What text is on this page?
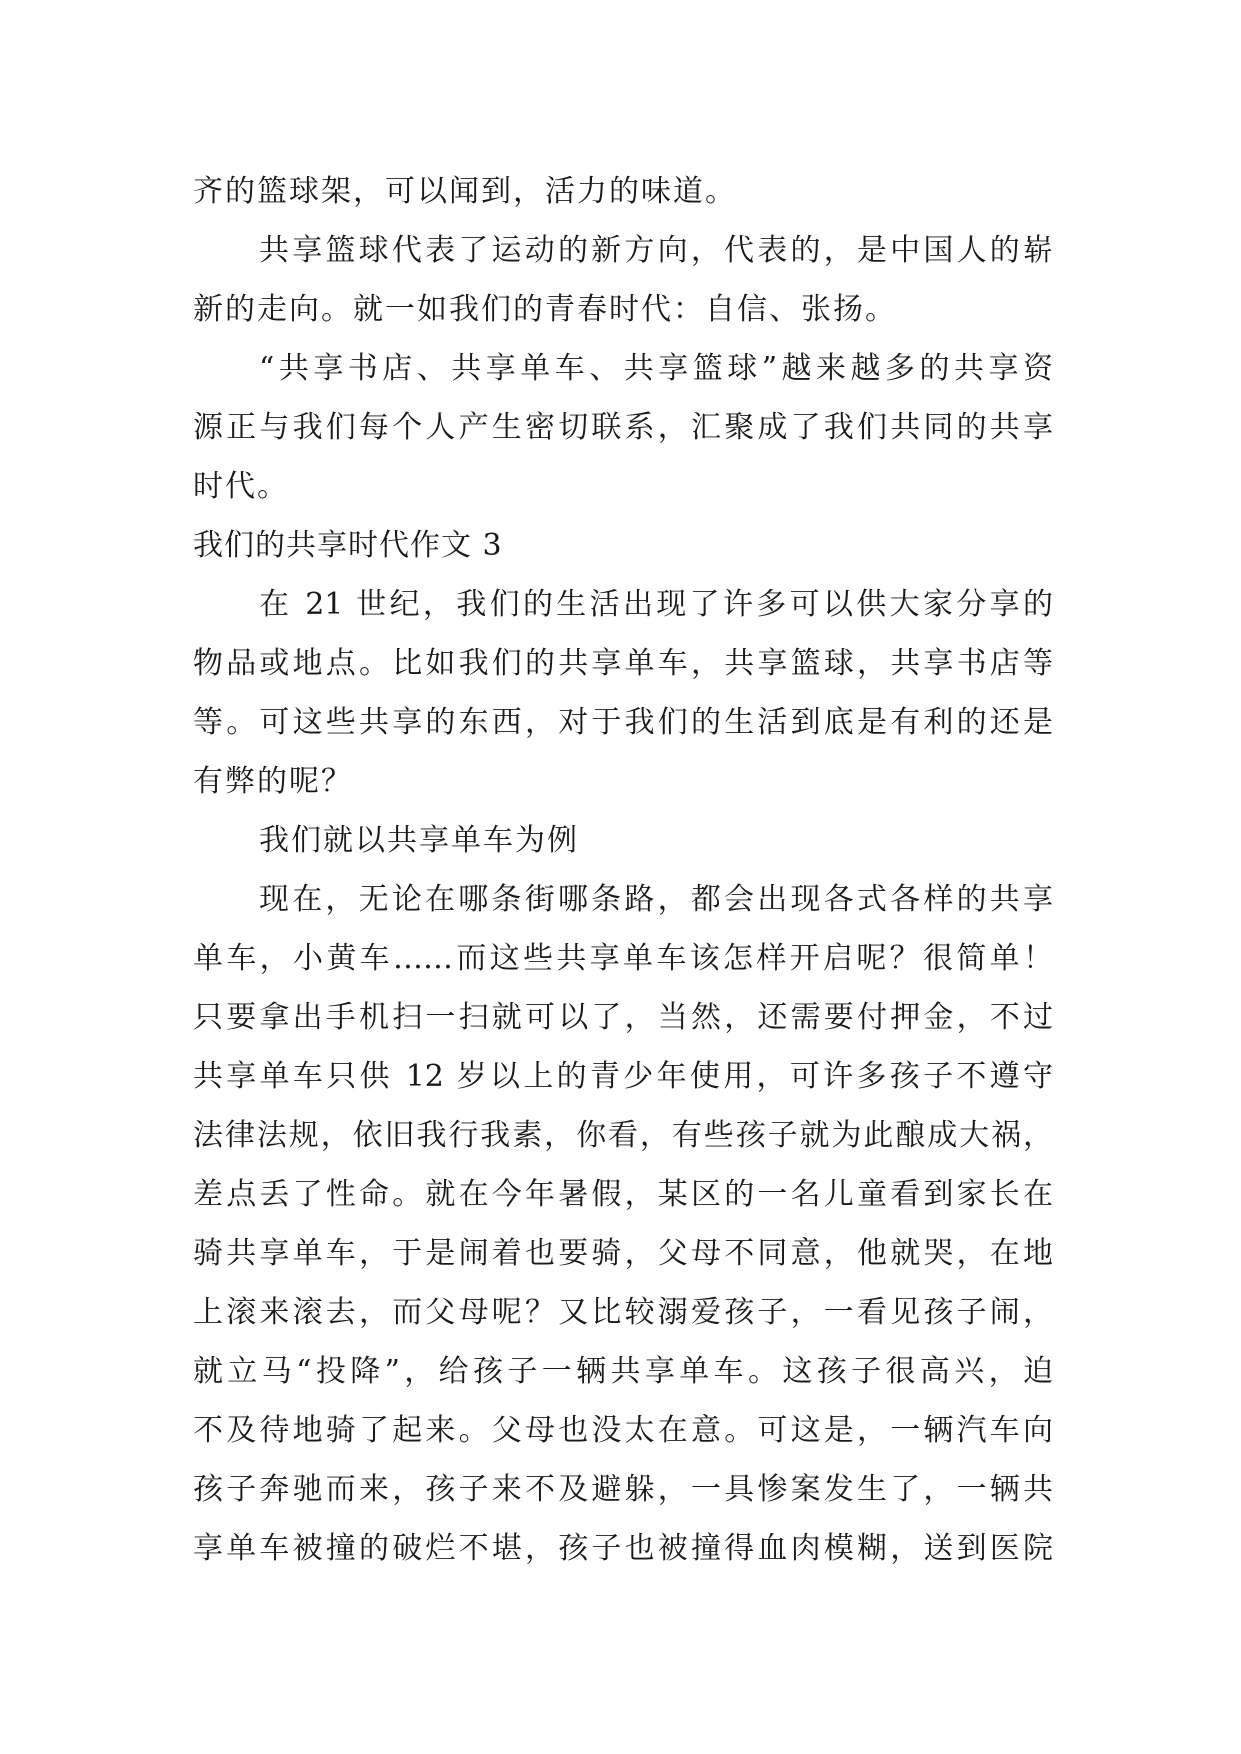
齐的篮球架，可以闻到，活力的味道。
共享篮球代表了运动的新方向，代表的，是中国人的崭
新的走向。就一如我们的青春时代：自信、张扬。
“共享书店、共享单车、共享篮球”越来越多的共享资
源正与我们每个人产生密切联系，汇聚成了我们共同的共享
时代。
我们的共享时代作文 3
在 21 世纪，我们的生活出现了许多可以供大家分享的
物品或地点。比如我们的共享单车，共享篮球，共享书店等
等。可这些共享的东西，对于我们的生活到底是有利的还是
有弊的呢？
我们就以共享单车为例
现在，无论在哪条街哪条路，都会出现各式各样的共享
单车，小黄车……而这些共享单车该怎样开启呢？很简单！
只要拿出手机扫一扫就可以了，当然，还需要付押金，不过
共享单车只供 12 岁以上的青少年使用，可许多孩子不遵守
法律法规，依旧我行我素，你看，有些孩子就为此酿成大祸，
差点丢了性命。就在今年暑假，某区的一名儿童看到家长在
骑共享单车，于是闹着也要骑，父母不同意，他就哭，在地
上滚来滚去，而父母呢？又比较溺爱孩子，一看见孩子闹，
就立马“投降”，给孩子一辆共享单车。这孩子很高兴，迫
不及待地骑了起来。父母也没太在意。可这是，一辆汽车向
孩子奔驰而来，孩子来不及避躲，一具惨案发生了，一辆共
享单车被撞的破烂不堪，孩子也被撞得血肉模糊，送到医院
